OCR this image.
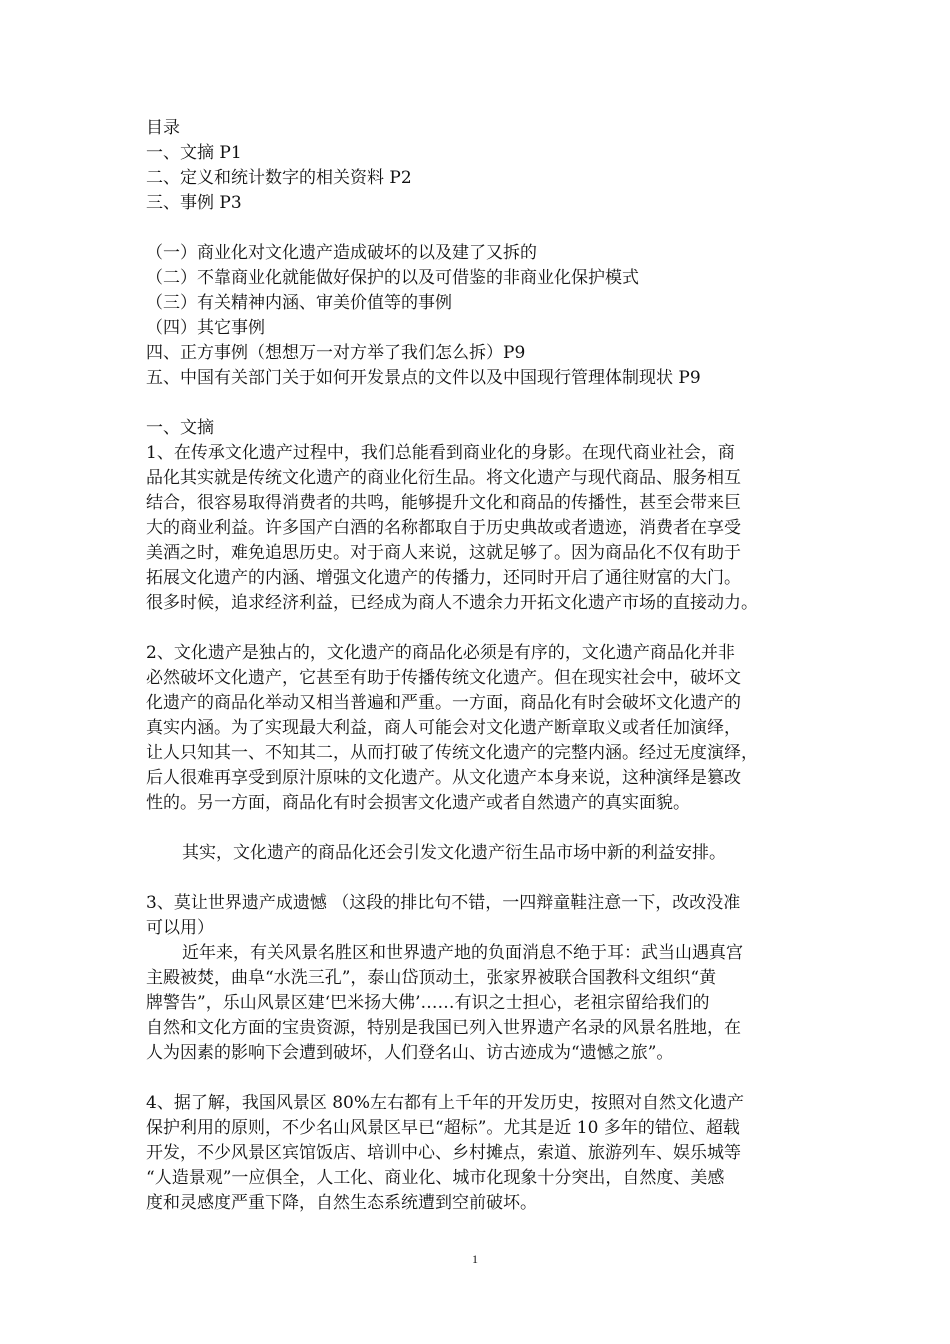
目录
一、文摘 P1
二、定义和统计数字的相关资料 P2
三、事例 P3
（一）商业化对文化遗产造成破坏的以及建了又拆的
（二）不靠商业化就能做好保护的以及可借鉴的非商业化保护模式
（三）有关精神内涵、审美价值等的事例
（四）其它事例
四、正方事例（想想万一对方举了我们怎么拆）P9
五、中国有关部门关于如何开发景点的文件以及中国现行管理体制现状 P9
一、文摘
1、在传承文化遗产过程中，我们总能看到商业化的身影。在现代商业社会，商
品化其实就是传统文化遗产的商业化衍生品。将文化遗产与现代商品、服务相互
结合，很容易取得消费者的共鸣，能够提升文化和商品的传播性，甚至会带来巨
大的商业利益。许多国产白酒的名称都取自于历史典故或者遗迹，消费者在享受
美酒之时，难免追思历史。对于商人来说，这就足够了。因为商品化不仅有助于
拓展文化遗产的内涵、增强文化遗产的传播力，还同时开启了通往财富的大门。
很多时候，追求经济利益，已经成为商人不遗余力开拓文化遗产市场的直接动力。
2、文化遗产是独占的，文化遗产的商品化必须是有序的，文化遗产商品化并非
必然破坏文化遗产，它甚至有助于传播传统文化遗产。但在现实社会中，破坏文
化遗产的商品化举动又相当普遍和严重。一方面，商品化有时会破坏文化遗产的
真实内涵。为了实现最大利益，商人可能会对文化遗产断章取义或者任加演绎，
让人只知其一、不知其二，从而打破了传统文化遗产的完整内涵。经过无度演绎，
后人很难再享受到原汁原味的文化遗产。从文化遗产本身来说，这种演绎是篡改
性的。另一方面，商品化有时会损害文化遗产或者自然遗产的真实面貌。
其实，文化遗产的商品化还会引发文化遗产衍生品市场中新的利益安排。
3、莫让世界遗产成遗憾 （这段的排比句不错，一四辩童鞋注意一下，改改没准
可以用）
近年来，有关风景名胜区和世界遗产地的负面消息不绝于耳：武当山遇真宫
主殿被焚，曲阜“水洗三孔”，泰山岱顶动土，张家界被联合国教科文组织“黄
牌警告”，乐山风景区建‘巴米扬大佛’……有识之士担心，老祖宗留给我们的
自然和文化方面的宝贵资源，特别是我国已列入世界遗产名录的风景名胜地，在
人为因素的影响下会遭到破坏，人们登名山、访古迹成为“遗憾之旅”。
4、据了解，我国风景区 80%左右都有上千年的开发历史，按照对自然文化遗产
保护利用的原则，不少名山风景区早已“超标”。尤其是近 10 多年的错位、超载
开发，不少风景区宾馆饭店、培训中心、乡村摊点，索道、旅游列车、娱乐城等
“人造景观”一应俱全，人工化、商业化、城市化现象十分突出，自然度、美感
度和灵感度严重下降，自然生态系统遭到空前破坏。
1
